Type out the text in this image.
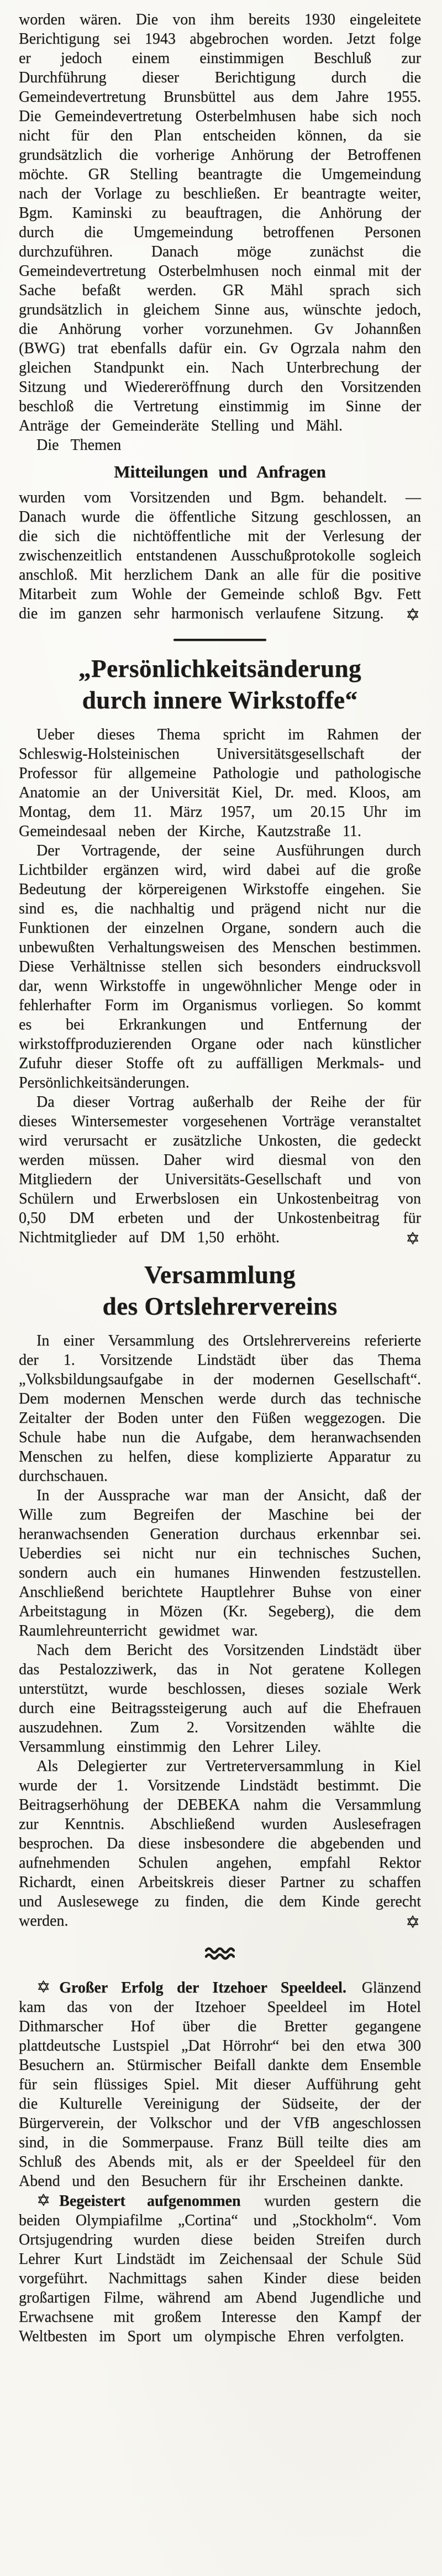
worden wären. Die von ihm bereits 1930 eingeleitete Berichtigung sei 1943 abgebrochen worden. Jetzt folge er jedoch einem einstimmigen Beschluß zur Durchführung dieser Berichtigung durch die Gemeindevertretung Brunsbüttel aus dem Jahre 1955. Die Gemeindevertretung Osterbelmhusen habe sich noch nicht für den Plan entscheiden können, da sie grundsätzlich die vorherige Anhörung der Betroffenen möchte. GR Stelling beantragte die Umgemeindung nach der Vorlage zu beschließen. Er beantragte weiter, Bgm. Kaminski zu beauftragen, die Anhörung der durch die Umgemeindung betroffenen Personen durchzuführen. Danach möge zunächst die Gemeindevertretung Osterbelmhusen noch einmal mit der Sache befaßt werden. GR Mähl sprach sich grundsätzlich in gleichem Sinne aus, wünschte jedoch, die Anhörung vorher vorzunehmen. Gv Johannßen (BWG) trat ebenfalls dafür ein. Gv Ogrzala nahm den gleichen Standpunkt ein. Nach Unterbrechung der Sitzung und Wiedereröffnung durch den Vorsitzenden beschloß die Vertretung einstimmig im Sinne der Anträge der Gemeinderäte Stelling und Mähl.

Die Themen

Mitteilungen und Anfragen

wurden vom Vorsitzenden und Bgm. behandelt. — Danach wurde die öffentliche Sitzung geschlossen, an die sich die nichtöffentliche mit der Verlesung der zwischenzeitlich entstandenen Ausschußprotokolle sogleich anschloß. Mit herzlichem Dank an alle für die positive Mitarbeit zum Wohle der Gemeinde schloß Bgv. Fett die im ganzen sehr harmonisch verlaufene Sitzung. ✡

„Persönlichkeitsänderung
durch innere Wirkstoffe“

Ueber dieses Thema spricht im Rahmen der Schleswig-Holsteinischen Universitätsgesellschaft der Professor für allgemeine Pathologie und pathologische Anatomie an der Universität Kiel, Dr. med. Kloos, am Montag, dem 11. März 1957, um 20.15 Uhr im Gemeindesaal neben der Kirche, Kautzstraße 11.

Der Vortragende, der seine Ausführungen durch Lichtbilder ergänzen wird, wird dabei auf die große Bedeutung der körpereigenen Wirkstoffe eingehen. Sie sind es, die nachhaltig und prägend nicht nur die Funktionen der einzelnen Organe, sondern auch die unbewußten Verhaltungsweisen des Menschen bestimmen. Diese Verhältnisse stellen sich besonders eindrucksvoll dar, wenn Wirkstoffe in ungewöhnlicher Menge oder in fehlerhafter Form im Organismus vorliegen. So kommt es bei Erkrankungen und Entfernung der wirkstoffproduzierenden Organe oder nach künstlicher Zufuhr dieser Stoffe oft zu auffälligen Merkmals- und Persönlichkeitsänderungen.

Da dieser Vortrag außerhalb der Reihe der für dieses Wintersemester vorgesehenen Vorträge veranstaltet wird verursacht er zusätzliche Unkosten, die gedeckt werden müssen. Daher wird diesmal von den Mitgliedern der Universitäts-Gesellschaft und von Schülern und Erwerbslosen ein Unkostenbeitrag von 0,50 DM erbeten und der Unkostenbeitrag für Nichtmitglieder auf DM 1,50 erhöht.	✡

Versammlung
des Ortslehrervereins

In einer Versammlung des Ortslehrervereins referierte der 1. Vorsitzende Lindstädt über das Thema „Volksbildungsaufgabe in der modernen Gesellschaft“. Dem modernen Menschen werde durch das technische Zeitalter der Boden unter den Füßen weggezogen. Die Schule habe nun die Aufgabe, dem heranwachsenden Menschen zu helfen, diese komplizierte Apparatur zu durchschauen.

In der Aussprache war man der Ansicht, daß der Wille zum Begreifen der Maschine bei der heranwachsenden Generation durchaus erkennbar sei. Ueberdies sei nicht nur ein technisches Suchen, sondern auch ein humanes Hinwenden festzustellen. Anschließend berichtete Hauptlehrer Buhse von einer Arbeitstagung in Mözen (Kr. Segeberg), die dem Raumlehreunterricht gewidmet war.

Nach dem Bericht des Vorsitzenden Lindstädt über das Pestalozziwerk, das in Not geratene Kollegen unterstützt, wurde beschlossen, dieses soziale Werk durch eine Beitragssteigerung auch auf die Ehefrauen auszudehnen. Zum 2. Vorsitzenden wählte die Versammlung einstimmig den Lehrer Liley.

Als Delegierter zur Vertreterversammlung in Kiel wurde der 1. Vorsitzende Lindstädt bestimmt. Die Beitragserhöhung der DEBEKA nahm die Versammlung zur Kenntnis. Abschließend wurden Auslesefragen besprochen. Da diese insbesondere die abgebenden und aufnehmenden Schulen angehen, empfahl Rektor Richardt, einen Arbeitskreis dieser Partner zu schaffen und Auslesewege zu finden, die dem Kinde gerecht werden.	✡

✡ Großer Erfolg der Itzehoer Speeldeel. Glänzend kam das von der Itzehoer Speeldeel im Hotel Dithmarscher Hof über die Bretter gegangene plattdeutsche Lustspiel „Dat Hörrohr“ bei den etwa 300 Besuchern an. Stürmischer Beifall dankte dem Ensemble für sein flüssiges Spiel. Mit dieser Aufführung geht die Kulturelle Vereinigung der Südseite, der der Bürgerverein, der Volkschor und der VfB angeschlossen sind, in die Sommerpause. Franz Büll teilte dies am Schluß des Abends mit, als er der Speeldeel für den Abend und den Besuchern für ihr Erscheinen dankte.

✡ Begeistert aufgenommen wurden gestern die beiden Olympiafilme „Cortina“ und „Stockholm“. Vom Ortsjugendring wurden diese beiden Streifen durch Lehrer Kurt Lindstädt im Zeichensaal der Schule Süd vorgeführt. Nachmittags sahen Kinder diese beiden großartigen Filme, während am Abend Jugendliche und Erwachsene mit großem Interesse den Kampf der Weltbesten im Sport um olympische Ehren verfolgten.
